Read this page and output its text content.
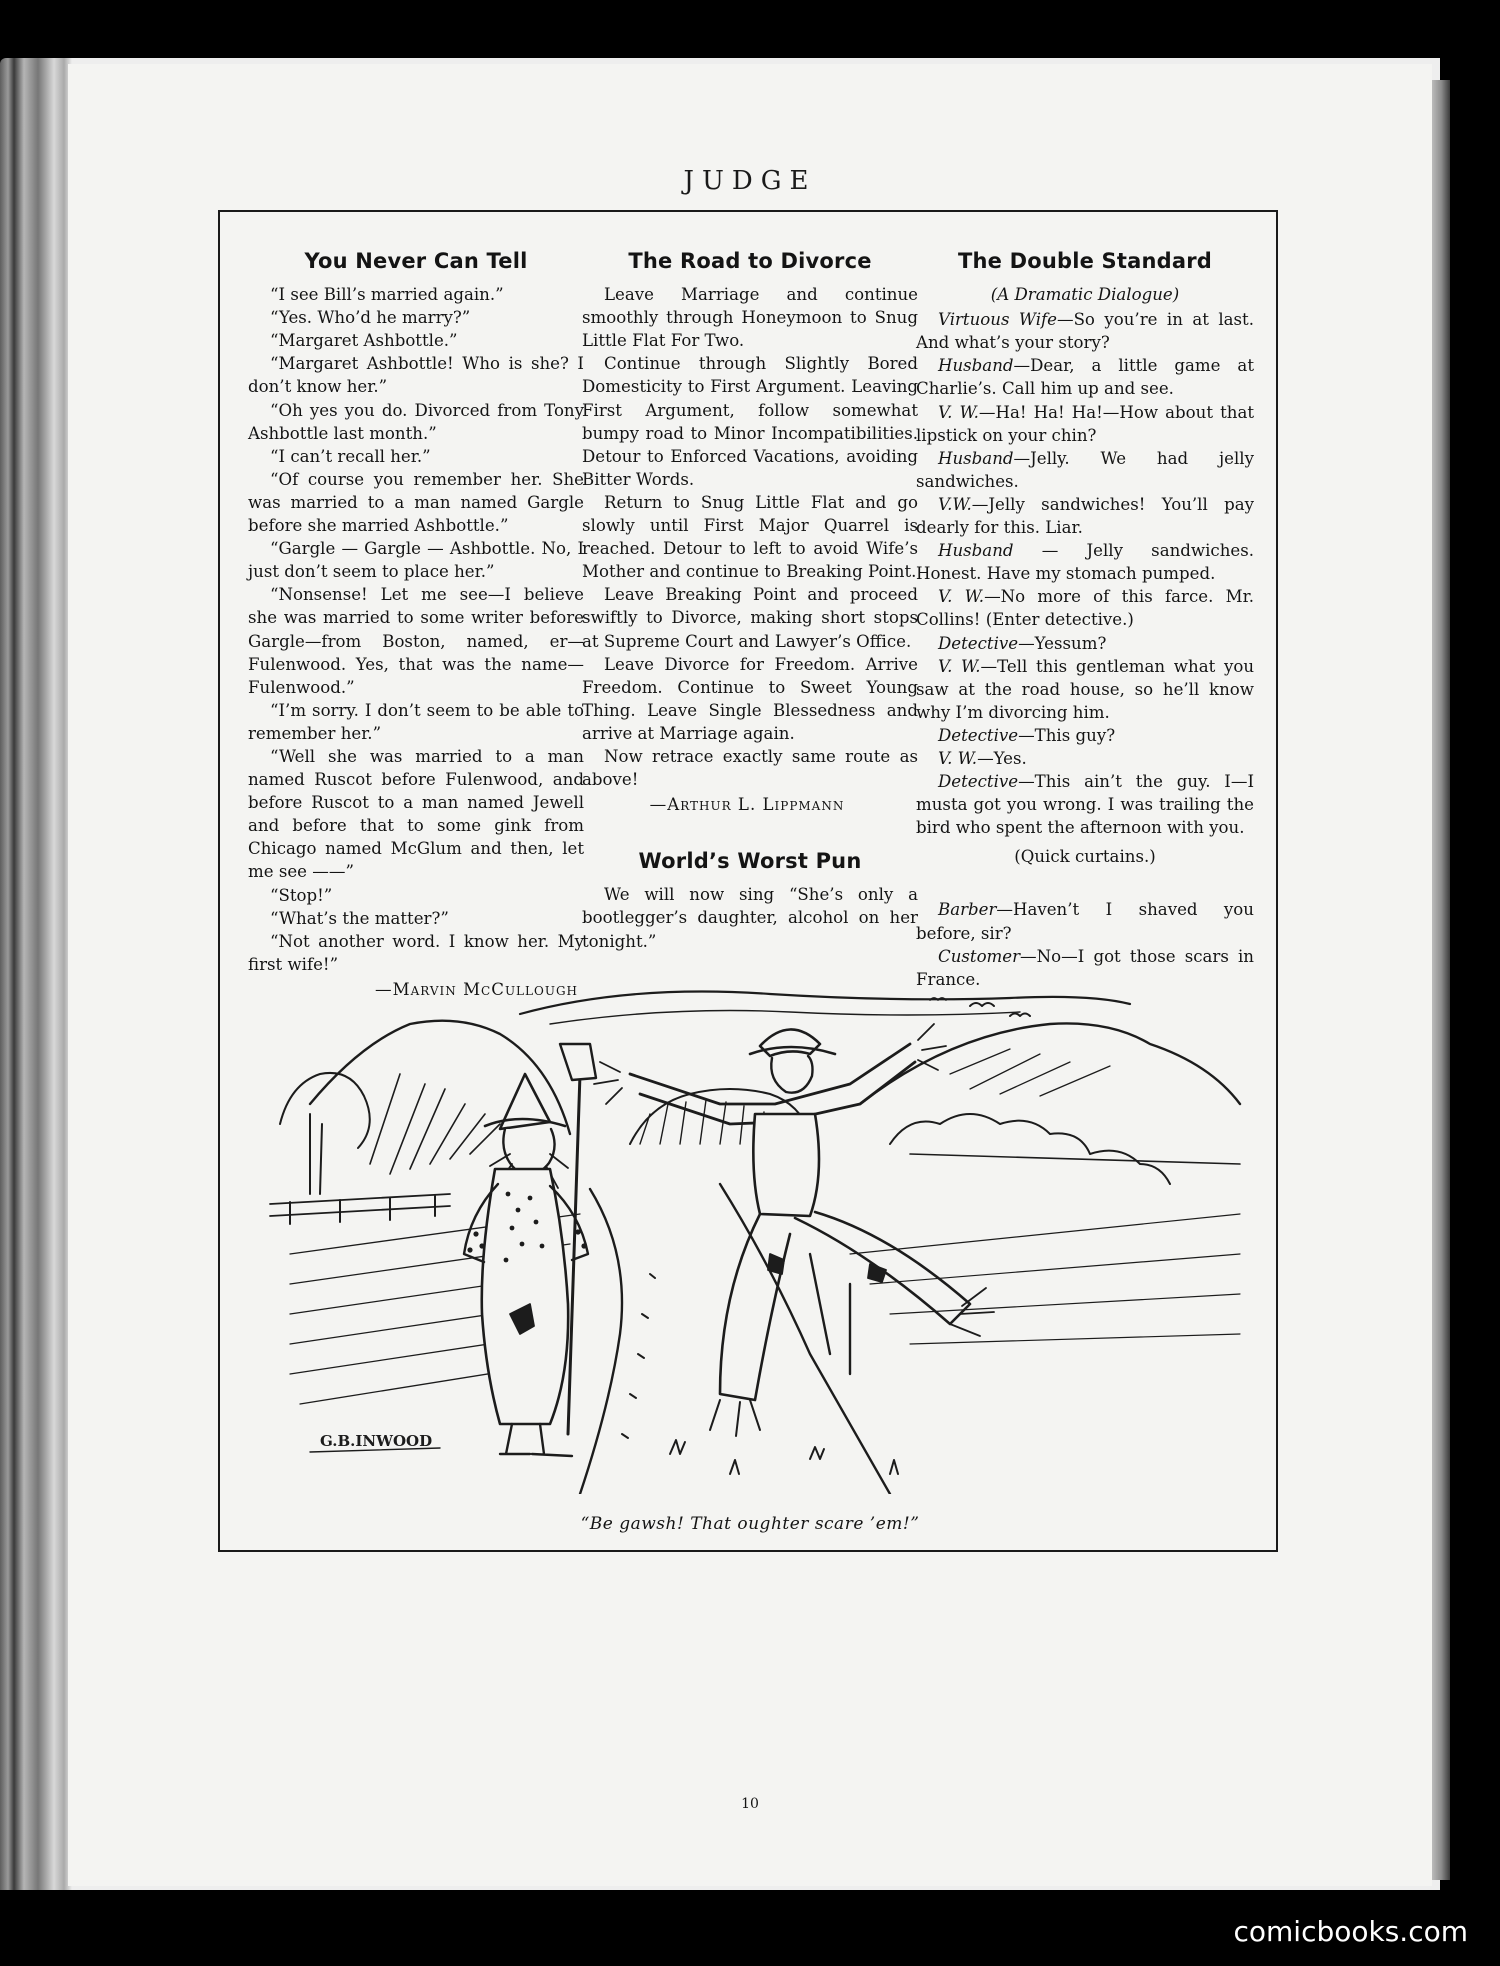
JUDGE
You Never Can Tell

“I see Bill’s married again.”

“Yes. Who’d he marry?”

“Margaret Ashbottle.”

“Margaret Ashbottle! Who is she? I don’t know her.”

“Oh yes you do. Divorced from Tony Ashbottle last month.”

“I can’t recall her.”

“Of course you remember her. She was married to a man named Gargle before she married Ashbottle.”

“Gargle — Gargle — Ashbottle. No, I just don’t seem to place her.”

“Nonsense! Let me see—I believe she was married to some writer before Gargle—from Boston, named, er—Fulenwood. Yes, that was the name—Fulenwood.”

“I’m sorry. I don’t seem to be able to remember her.”

“Well she was married to a man named Ruscot before Fulenwood, and before Ruscot to a man named Jewell and before that to some gink from Chicago named McGlum and then, let me see ——”

“Stop!”

“What’s the matter?”

“Not another word. I know her. My first wife!”

—Marvin McCullough

The Road to Divorce

Leave Marriage and continue smoothly through Honeymoon to Snug Little Flat For Two.

Continue through Slightly Bored Domesticity to First Argument. Leaving First Argument, follow somewhat bumpy road to Minor Incompatibilities. Detour to Enforced Vacations, avoiding Bitter Words.

Return to Snug Little Flat and go slowly until First Major Quarrel is reached. Detour to left to avoid Wife’s Mother and continue to Breaking Point.

Leave Breaking Point and proceed swiftly to Divorce, making short stops at Supreme Court and Lawyer’s Office.

Leave Divorce for Freedom. Arrive Freedom. Continue to Sweet Young Thing. Leave Single Blessedness and arrive at Marriage again.

Now retrace exactly same route as above!

—Arthur L. Lippmann

World’s Worst Pun

We will now sing “She’s only a bootlegger’s daughter, alcohol on her tonight.”

The Double Standard

(A Dramatic Dialogue)

Virtuous Wife—So you’re in at last. And what’s your story?

Husband—Dear, a little game at Charlie’s. Call him up and see.

V. W.—Ha! Ha! Ha!—How about that lipstick on your chin?

Husband—Jelly. We had jelly sandwiches.

V.W.—Jelly sandwiches! You’ll pay dearly for this. Liar.

Husband — Jelly sandwiches. Honest. Have my stomach pumped.

V. W.—No more of this farce. Mr. Collins! (Enter detective.)

Detective—Yessum?

V. W.—Tell this gentleman what you saw at the road house, so he’ll know why I’m divorcing him.

Detective—This guy?

V. W.—Yes.

Detective—This ain’t the guy. I—I musta got you wrong. I was trailing the bird who spent the afternoon with you.

(Quick curtains.)

Barber—Haven’t I shaved you before, sir?

Customer—No—I got those scars in France.

G.B.INWOOD
“Be gawsh! That oughter scare ’em!”
10
comicbooks.com
